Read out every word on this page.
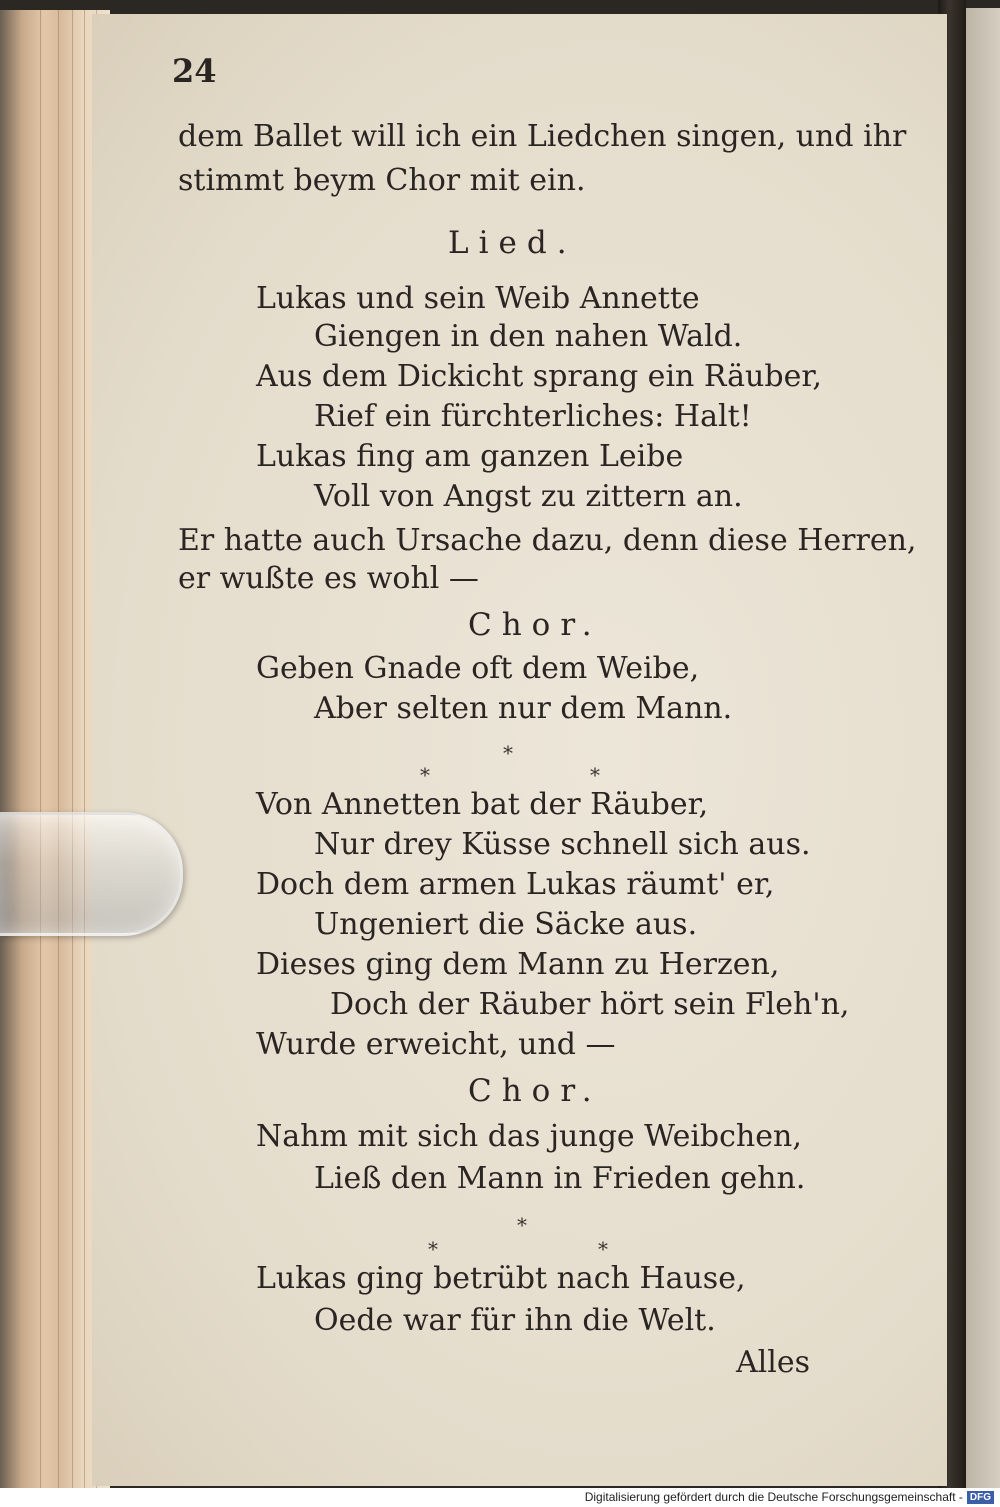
24
dem Ballet will ich ein Liedchen singen, und ihr
stimmt beym Chor mit ein.
Lied.
Lukas und sein Weib Annette
Giengen in den nahen Wald.
Aus dem Dickicht sprang ein Räuber,
Rief ein fürchterliches: Halt!
Lukas fing am ganzen Leibe
Voll von Angst zu zittern an.
Er hatte auch Ursache dazu, denn diese Herren,
er wußte es wohl —
Chor.
Geben Gnade oft dem Weibe,
Aber selten nur dem Mann.
*
*	*
Von Annetten bat der Räuber,
Nur drey Küsse schnell sich aus.
Doch dem armen Lukas räumt' er,
Ungeniert die Säcke aus.
Dieses ging dem Mann zu Herzen,
Doch der Räuber hört sein Fleh'n,
Wurde erweicht, und —
Chor.
Nahm mit sich das junge Weibchen,
Ließ den Mann in Frieden gehn.
*
*	*
Lukas ging betrübt nach Hause,
Oede war für ihn die Welt.
Alles
Digitalisierung gefördert durch die Deutsche Forschungsgemeinschaft - DFG
